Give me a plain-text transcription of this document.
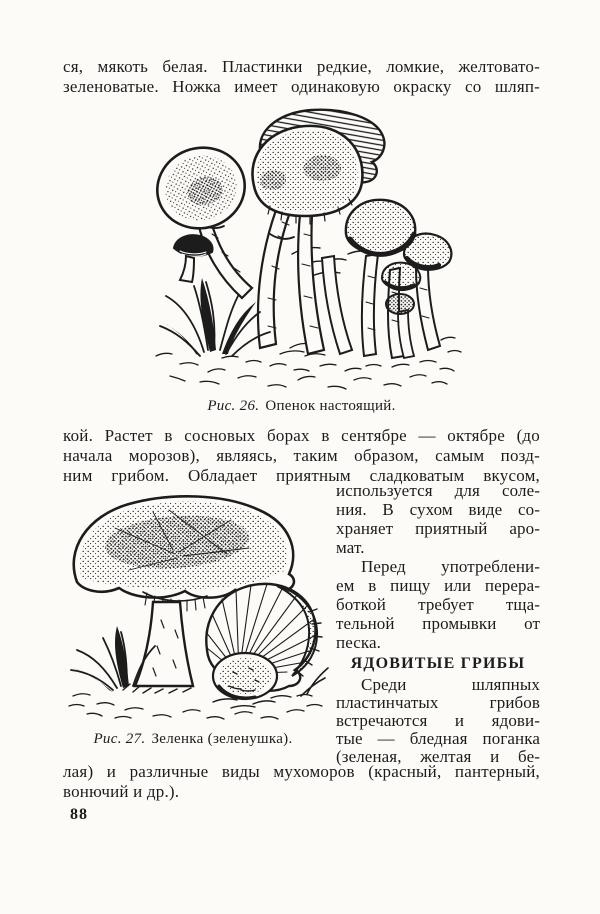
ся, мякоть белая. Пластинки редкие, ломкие, желтовато-
зеленоватые. Ножка имеет одинаковую окраску со шляп-
Рис. 26. Опенок настоящий.
кой. Растет в сосновых борах в сентябре — октябре (до
начала морозов), являясь, таким образом, самым позд-
ним грибом. Обладает приятным сладковатым вкусом,
используется для соле-
ния. В сухом виде со-
храняет приятный аро-
мат.
Перед употреблени-
ем в пищу или перера-
боткой требует тща-
тельной промывки от
песка.
ЯДОВИТЫЕ ГРИБЫ
Среди шляпных
пластинчатых грибов
встречаются и ядови-
тые — бледная поганка
(зеленая, желтая и бе-
Рис. 27. Зеленка (зеленушка).
лая) и различные виды мухоморов (красный, пантерный,
вонючий и др.).
88
